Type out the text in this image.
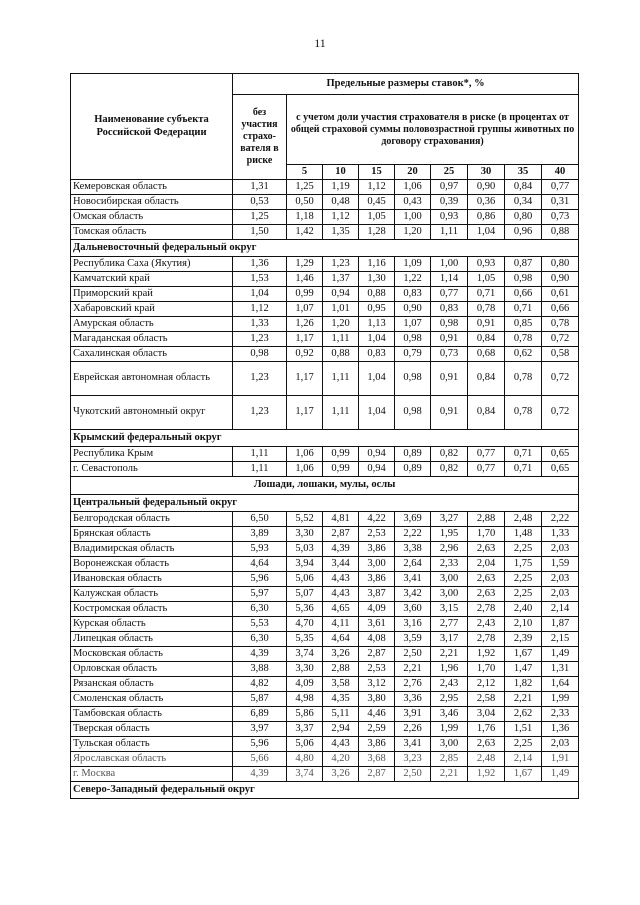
11
Наименование субъекта Российской Федерации	Предельные размеры ставок*, %								
	без участия страхо-вателя в риске	с учетом доли участия страхователя в риске (в процентах от общей страховой суммы половозрастной группы животных по договору страхования)							
		5	10	15	20	25	30	35	40
Кемеровская область	1,31	1,25	1,19	1,12	1,06	0,97	0,90	0,84	0,77
Новосибирская область	0,53	0,50	0,48	0,45	0,43	0,39	0,36	0,34	0,31
Омская область	1,25	1,18	1,12	1,05	1,00	0,93	0,86	0,80	0,73
Томская область	1,50	1,42	1,35	1,28	1,20	1,11	1,04	0,96	0,88
Дальневосточный федеральный округ									
Республика Саха (Якутия)	1,36	1,29	1,23	1,16	1,09	1,00	0,93	0,87	0,80
Камчатский край	1,53	1,46	1,37	1,30	1,22	1,14	1,05	0,98	0,90
Приморский край	1,04	0,99	0,94	0,88	0,83	0,77	0,71	0,66	0,61
Хабаровский край	1,12	1,07	1,01	0,95	0,90	0,83	0,78	0,71	0,66
Амурская область	1,33	1,26	1,20	1,13	1,07	0,98	0,91	0,85	0,78
Магаданская область	1,23	1,17	1,11	1,04	0,98	0,91	0,84	0,78	0,72
Сахалинская область	0,98	0,92	0,88	0,83	0,79	0,73	0,68	0,62	0,58
Еврейская автономная область	1,23	1,17	1,11	1,04	0,98	0,91	0,84	0,78	0,72
Чукотский автономный округ	1,23	1,17	1,11	1,04	0,98	0,91	0,84	0,78	0,72
Крымский федеральный округ									
Республика Крым	1,11	1,06	0,99	0,94	0,89	0,82	0,77	0,71	0,65
г. Севастополь	1,11	1,06	0,99	0,94	0,89	0,82	0,77	0,71	0,65
Лошади, лошаки, мулы, ослы									
Центральный федеральный округ									
Белгородская область	6,50	5,52	4,81	4,22	3,69	3,27	2,88	2,48	2,22
Брянская область	3,89	3,30	2,87	2,53	2,22	1,95	1,70	1,48	1,33
Владимирская область	5,93	5,03	4,39	3,86	3,38	2,96	2,63	2,25	2,03
Воронежская область	4,64	3,94	3,44	3,00	2,64	2,33	2,04	1,75	1,59
Ивановская область	5,96	5,06	4,43	3,86	3,41	3,00	2,63	2,25	2,03
Калужская область	5,97	5,07	4,43	3,87	3,42	3,00	2,63	2,25	2,03
Костромская область	6,30	5,36	4,65	4,09	3,60	3,15	2,78	2,40	2,14
Курская область	5,53	4,70	4,11	3,61	3,16	2,77	2,43	2,10	1,87
Липецкая область	6,30	5,35	4,64	4,08	3,59	3,17	2,78	2,39	2,15
Московская область	4,39	3,74	3,26	2,87	2,50	2,21	1,92	1,67	1,49
Орловская область	3,88	3,30	2,88	2,53	2,21	1,96	1,70	1,47	1,31
Рязанская область	4,82	4,09	3,58	3,12	2,76	2,43	2,12	1,82	1,64
Смоленская область	5,87	4,98	4,35	3,80	3,36	2,95	2,58	2,21	1,99
Тамбовская область	6,89	5,86	5,11	4,46	3,91	3,46	3,04	2,62	2,33
Тверская область	3,97	3,37	2,94	2,59	2,26	1,99	1,76	1,51	1,36
Тульская область	5,96	5,06	4,43	3,86	3,41	3,00	2,63	2,25	2,03
Ярославская область	5,66	4,80	4,20	3,68	3,23	2,85	2,48	2,14	1,91
г. Москва	4,39	3,74	3,26	2,87	2,50	2,21	1,92	1,67	1,49
Северо-Западный федеральный округ									
